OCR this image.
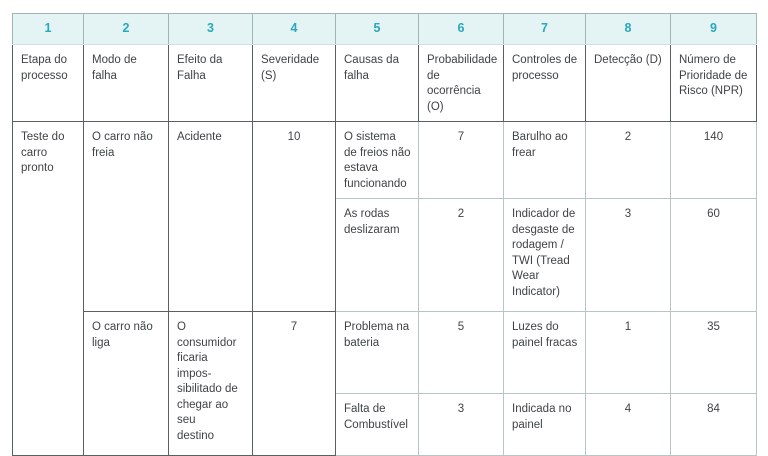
1	2	3	4	5	6	7	8	9
Etapa do processo	Modo de falha	Efeito da Falha	Severidade (S)	Causas da falha	Probabilidade de ocorrência (O)	Controles de processo	Detecção (D)	Número de Prioridade de Risco (NPR)
Teste do carro pronto	O carro não freia	Acidente	10	O sistema de freios não estava funcionando	7	Barulho ao frear	2	140
				As rodas deslizaram	2	Indicador de desgaste de rodagem / TWI (Tread Wear Indicator)	3	60
	O carro não liga	O consumidor
ficaria impos-
sibilitado de
chegar ao seu
destino	7	Problema na bateria	5	Luzes do painel fracas	1	35
				Falta de Combustível	3	Indicada no painel	4	84
